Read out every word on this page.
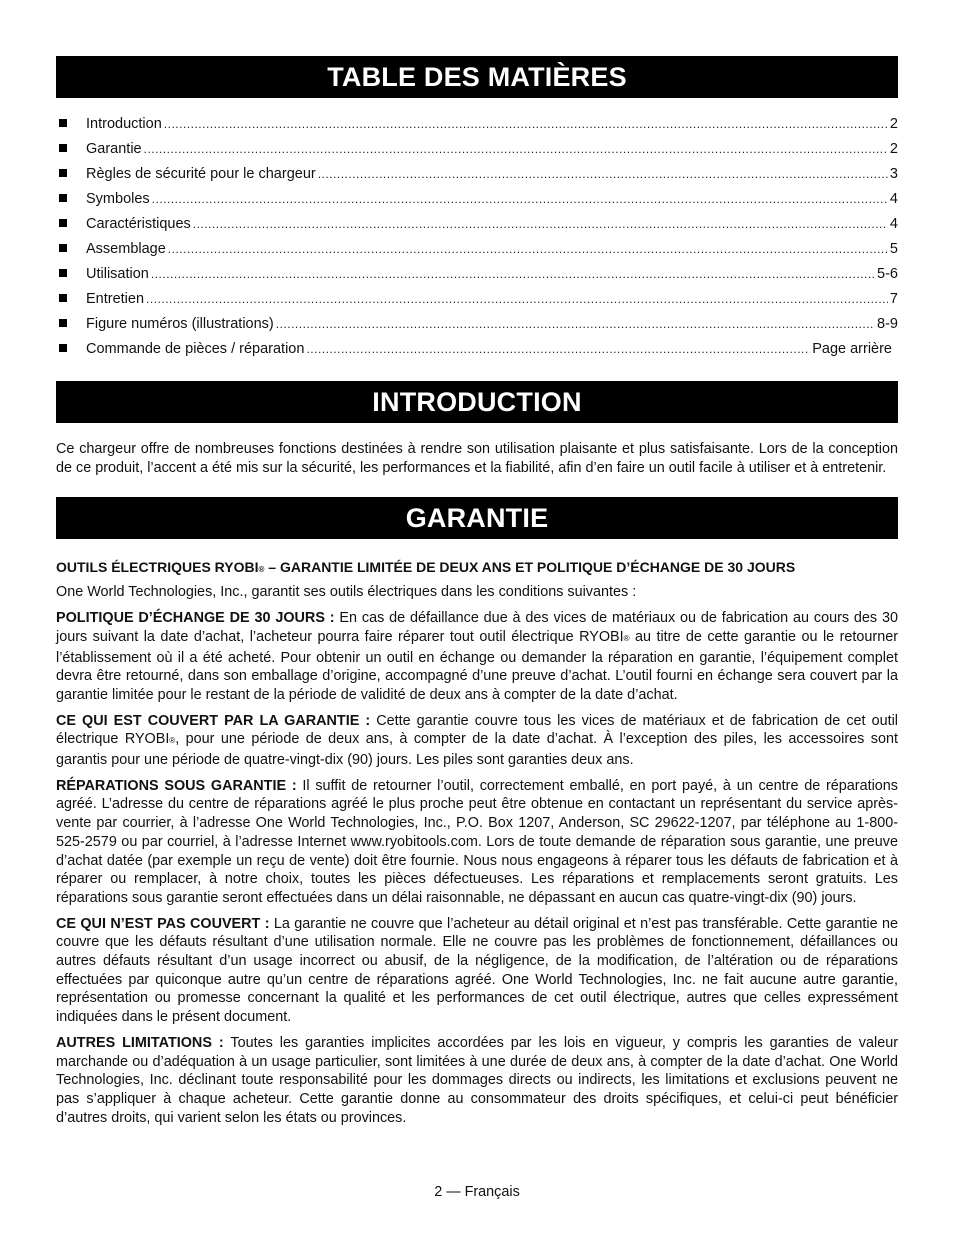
TABLE DES MATIÈRES
Introduction .....	2
Garantie .....	2
Règles de sécurité pour le chargeur .....	3
Symboles .....	4
Caractéristiques .....	4
Assemblage .....	5
Utilisation .....	5-6
Entretien .....	7
Figure numéros (illustrations) .....	8-9
Commande de pièces / réparation .....	Page arrière
INTRODUCTION

Ce chargeur offre de nombreuses fonctions destinées à rendre son utilisation plaisante et plus satisfaisante. Lors de la conception de ce produit, l’accent a été mis sur la sécurité, les performances et la fiabilité, afin d’en faire un outil facile à utiliser et à entretenir.

GARANTIE

OUTILS ÉLECTRIQUES RYOBI® – GARANTIE LIMITÉE DE DEUX ANS ET POLITIQUE D’ÉCHANGE DE 30 JOURS

One World Technologies, Inc., garantit ses outils électriques dans les conditions suivantes :

POLITIQUE D’ÉCHANGE DE 30 JOURS : En cas de défaillance due à des vices de matériaux ou de fabrication au cours des 30 jours suivant la date d’achat, l’acheteur pourra faire réparer tout outil électrique RYOBI® au titre de cette garantie ou le retourner l’établissement où il a été acheté. Pour obtenir un outil en échange ou demander la réparation en garantie, l’équipement complet devra être retourné, dans son emballage d’origine, accompagné d’une preuve d’achat. L’outil fourni en échange sera couvert par la garantie limitée pour le restant de la période de validité de deux ans à compter de la date d’achat.

CE QUI EST COUVERT PAR LA GARANTIE : Cette garantie couvre tous les vices de matériaux et de fabrication de cet outil électrique RYOBI®, pour une période de deux ans, à compter de la date d’achat. À l’exception des piles, les accessoires sont garantis pour une période de quatre-vingt-dix (90) jours. Les piles sont garanties deux ans.

RÉPARATIONS SOUS GARANTIE : Il suffit de retourner l’outil, correctement emballé, en port payé, à un centre de réparations agréé. L’adresse du centre de réparations agréé le plus proche peut être obtenue en contactant un représentant du service après-vente par courrier, à l’adresse One World Technologies, Inc., P.O. Box 1207, Anderson, SC 29622-1207, par téléphone au 1-800-525-2579 ou par courriel, à l’adresse Internet www.ryobitools.com. Lors de toute demande de réparation sous garantie, une preuve d’achat datée (par exemple un reçu de vente) doit être fournie. Nous nous engageons à réparer tous les défauts de fabrication et à réparer ou remplacer, à notre choix, toutes les pièces défectueuses. Les réparations et remplacements seront gratuits. Les réparations sous garantie seront effectuées dans un délai raisonnable, ne dépassant en aucun cas quatre-vingt-dix (90) jours.

CE QUI N’EST PAS COUVERT : La garantie ne couvre que l’acheteur au détail original et n’est pas transférable. Cette garantie ne couvre que les défauts résultant d’une utilisation normale. Elle ne couvre pas les problèmes de fonctionnement, défaillances ou autres défauts résultant d’un usage incorrect ou abusif, de la négligence, de la modification, de l’altération ou de réparations effectuées par quiconque autre qu’un centre de réparations agréé. One World Technologies, Inc. ne fait aucune autre garantie, représentation ou promesse concernant la qualité et les performances de cet outil électrique, autres que celles expressément indiquées dans le présent document.

AUTRES LIMITATIONS : Toutes les garanties implicites accordées par les lois en vigueur, y compris les garanties de valeur marchande ou d’adéquation à un usage particulier, sont limitées à une durée de deux ans, à compter de la date d’achat. One World Technologies, Inc. déclinant toute responsabilité pour les dommages directs ou indirects, les limitations et exclusions peuvent ne pas s’appliquer à chaque acheteur. Cette garantie donne au consommateur des droits spécifiques, et celui-ci peut bénéficier d’autres droits, qui varient selon les états ou provinces.

2 — Français
